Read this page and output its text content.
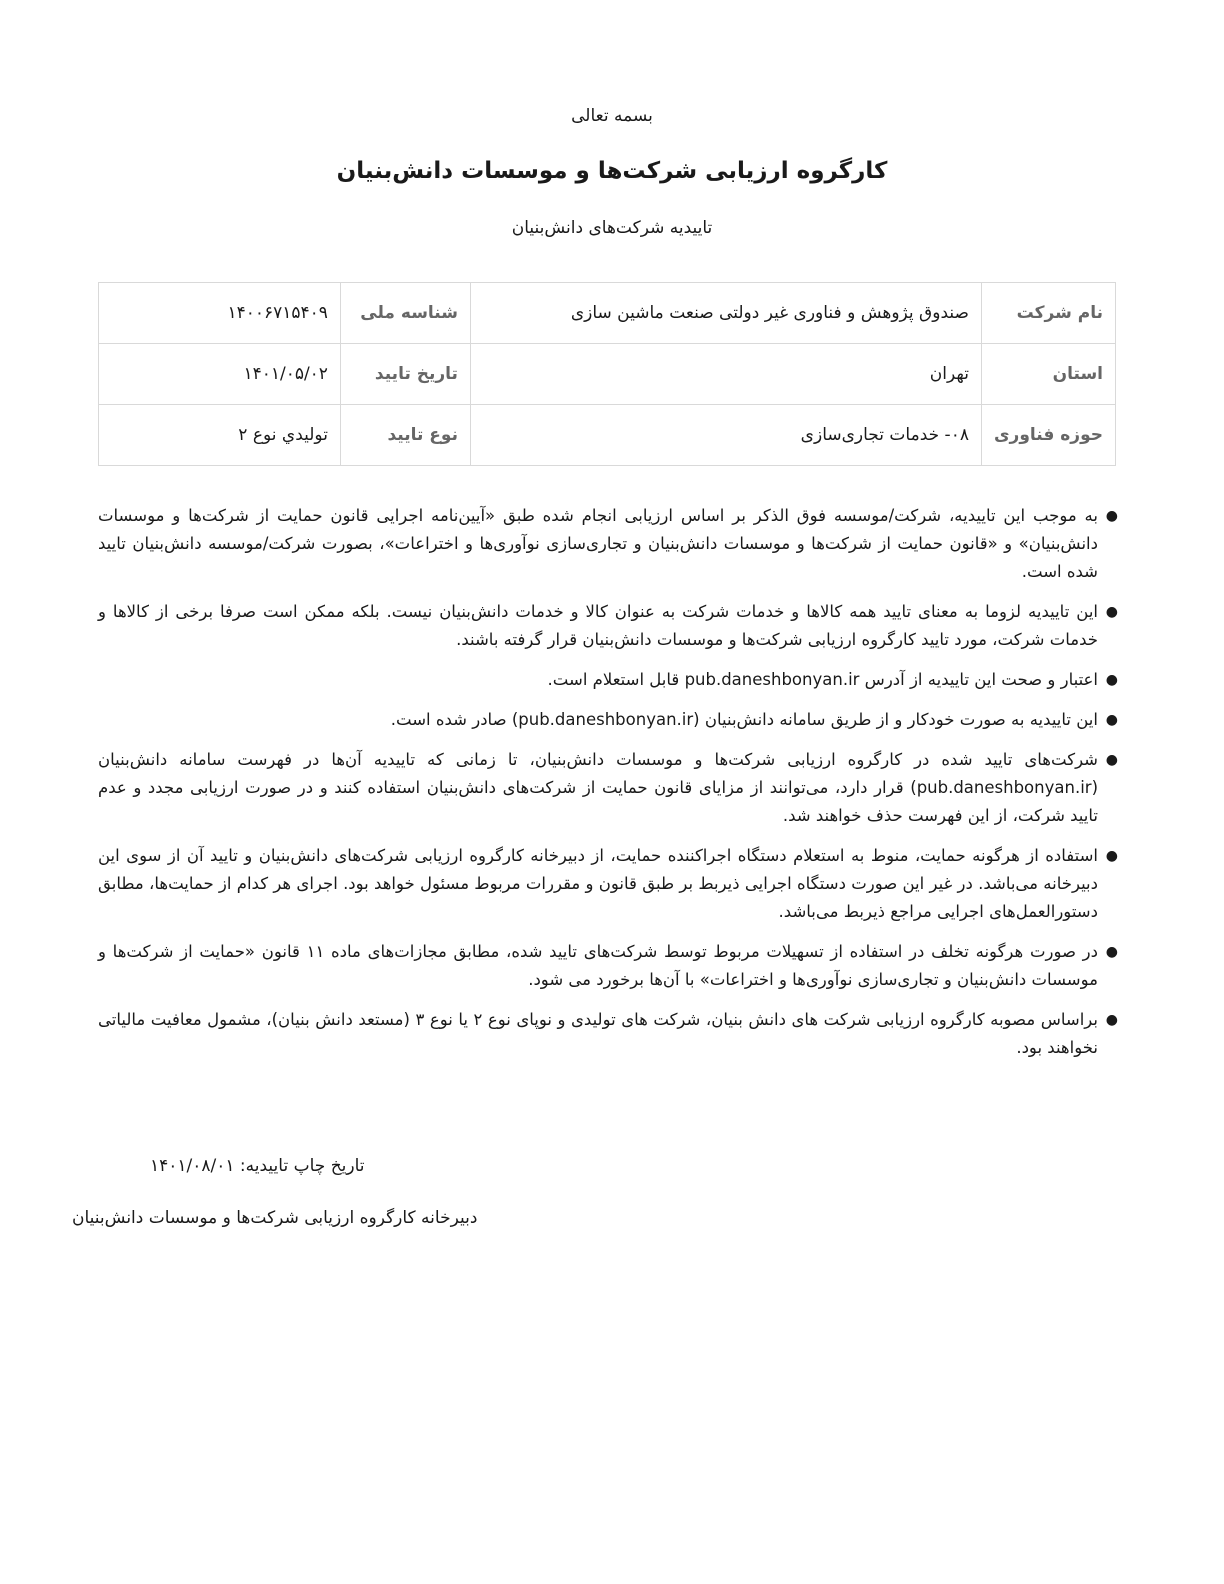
بسمه تعالی
کارگروه ارزیابی شرکت‌ها و موسسات دانش‌بنیان
تاییدیه شرکت‌های دانش‌بنیان
نام شرکت	صندوق پژوهش و فناوری غیر دولتی صنعت ماشین سازی	شناسه ملی	۱۴۰۰۶۷۱۵۴۰۹
استان	تهران	تاریخ تایید	۱۴۰۱/۰۵/۰۲
حوزه فناوری	۰۸- خدمات تجاری‌سازی	نوع تایید	توليدي نوع ۲
●
به موجب این تاییدیه، شرکت/موسسه فوق الذکر بر اساس ارزیابی انجام شده طبق «آیین‌نامه اجرایی قانون حمایت از شرکت‌ها و موسسات دانش‌بنیان» و «قانون حمایت از شرکت‌ها و موسسات دانش‌بنیان و تجاری‌سازی نوآوری‌ها و اختراعات»، بصورت شرکت/موسسه دانش‌بنیان تایید شده است.
●
این تاییدیه لزوما به معنای تایید همه کالاها و خدمات شرکت به عنوان کالا و خدمات دانش‌بنیان نیست. بلکه ممکن است صرفا برخی از کالاها و خدمات شرکت، مورد تایید کارگروه ارزیابی شرکت‌ها و موسسات دانش‌بنیان قرار گرفته باشند.
●
اعتبار و صحت این تاییدیه از آدرس pub.daneshbonyan.ir قابل استعلام است.
●
این تاییدیه به صورت خودکار و از طریق سامانه دانش‌بنیان (pub.daneshbonyan.ir) صادر شده است.
●
شرکت‌های تایید شده در کارگروه ارزیابی شرکت‌ها و موسسات دانش‌بنیان، تا زمانی که تاییدیه آن‌ها در فهرست سامانه دانش‌بنیان (pub.daneshbonyan.ir) قرار دارد، می‌توانند از مزایای قانون حمایت از شرکت‌های دانش‌بنیان استفاده کنند و در صورت ارزیابی مجدد و عدم تایید شرکت، از این فهرست حذف خواهند شد.
●
استفاده از هرگونه حمایت، منوط به استعلام دستگاه اجراکننده حمایت، از دبیرخانه کارگروه ارزیابی شرکت‌های دانش‌بنیان و تایید آن از سوی این دبیرخانه می‌باشد. در غیر این صورت دستگاه اجرایی ذیربط بر طبق قانون و مقررات مربوط مسئول خواهد بود. اجرای هر کدام از حمایت‌ها، مطابق دستورالعمل‌های اجرایی مراجع ذیربط می‌باشد.
●
در صورت هرگونه تخلف در استفاده از تسهیلات مربوط توسط شرکت‌های تایید شده، مطابق مجازات‌های ماده ۱۱ قانون «حمایت از شرکت‌ها و موسسات دانش‌بنیان و تجاری‌سازی نوآوری‌ها و اختراعات» با آن‌ها برخورد می شود.
●
براساس مصوبه کارگروه ارزیابی شرکت های دانش بنیان، شرکت های تولیدی و نوپای نوع ۲ یا نوع ۳ (مستعد دانش بنیان)، مشمول معافیت مالیاتی نخواهند بود.
تاریخ چاپ تاییدیه: ۱۴۰۱/۰۸/۰۱
دبیرخانه کارگروه ارزیابی شرکت‌ها و موسسات دانش‌بنیان
